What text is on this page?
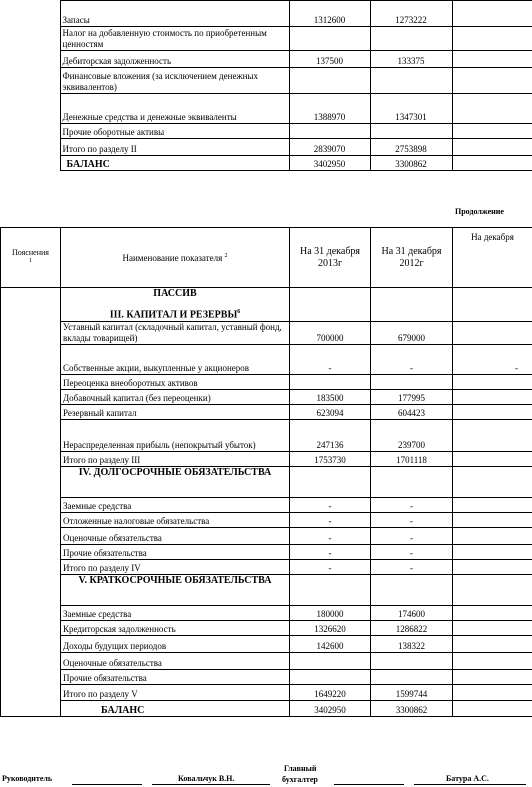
	Запасы	1312600	1273222	
	Налог на добавленную стоимость по приобретенным ценностям			
	Дебиторская задолженность	137500	133375	
	Финансовые вложения (за исключением денежных эквивалентов)			
	Денежные средства и денежные эквиваленты	1388970	1347301	
	Прочие оборотные активы			
	Итого по разделу II	2839070	2753898	
	БАЛАНС	3402950	3300862	
Продолжение
Пояснения
$^1$	Наименование показателя $^2$	На 31 декабря 2013г	На 31 декабря 2012г	На декабря

	ПАССИВ
III. КАПИТАЛ И РЕЗЕРВЫ$^6$			
	Уставный капитал (складочный капитал, уставный фонд, вклады товарищей)	700000	679000	
	Собственные акции, выкупленные у акционеров	-	-	-
	Переоценка внеоборотных активов			
	Добавочный капитал (без переоценки)	183500	177995	
	Резервный капитал	623094	604423	
	Нераспределенная прибыль (непокрытый убыток)	247136	239700	
	Итого по разделу III	1753730	1701118	
	IV. ДОЛГОСРОЧНЫЕ ОБЯЗАТЕЛЬСТВА			
	Заемные средства	-	-	
	Отложенные налоговые обязательства	-	-	
	Оценочные обязательства	-	-	
	Прочие обязательства	-	-	
	Итого по разделу IV	-	-	
	V. КРАТКОСРОЧНЫЕ ОБЯЗАТЕЛЬСТВА			
	Заемные средства	180000	174600	
	Кредиторская задолженность	1326620	1286822	
	Доходы будущих периодов	142600	138322	
	Оценочные обязательства			
	Прочие обязательства			
	Итого по разделу V	1649220	1599744	
	БАЛАНС	3402950	3300862	
Руководитель	Ковальчук В.Н.
Главный
бухгалтер	Батура А.С.
